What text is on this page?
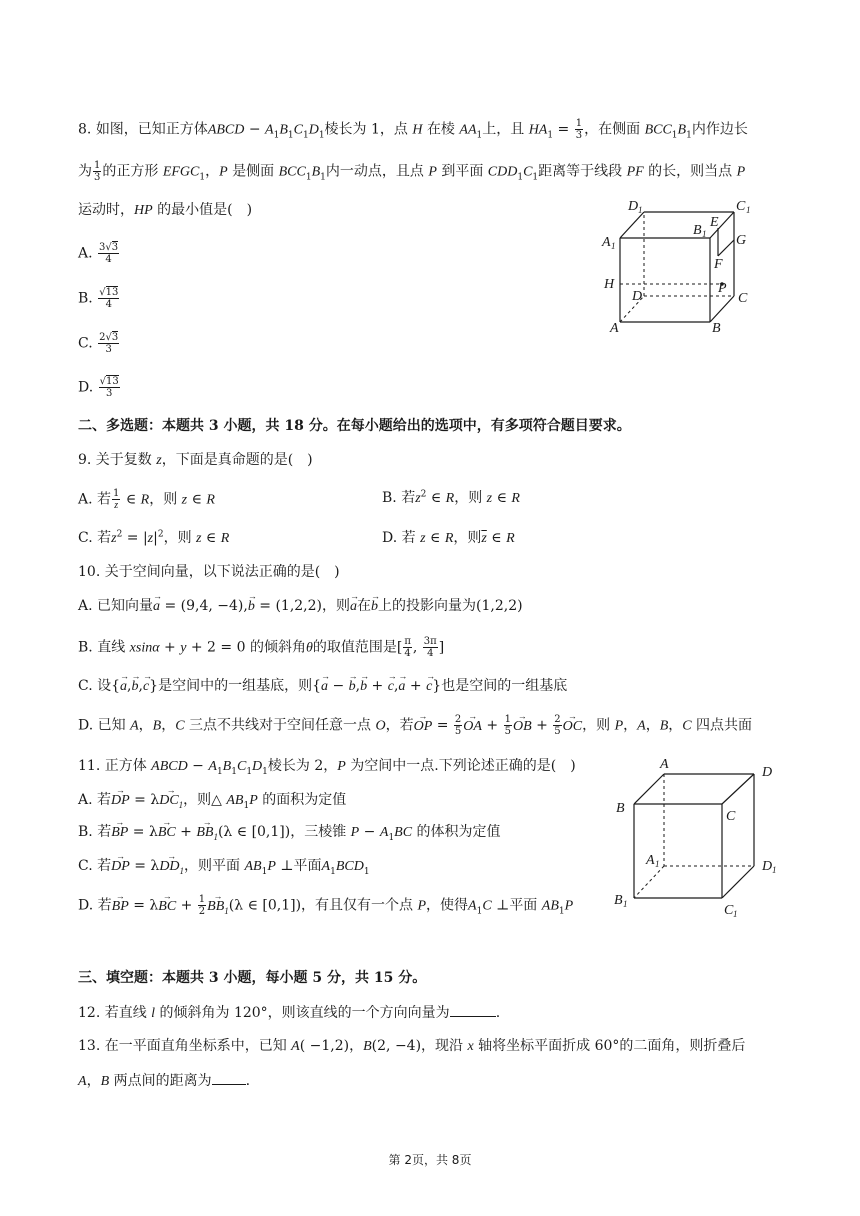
8. 如图，已知正方体ABCD − $A_1B_1C_1D_1$棱长为 1，点 H 在棱 $AA_1$上，且 $HA_1 = \frac{1}{3}$ ，在侧面 $BCC_1B_1$内作边长
为 $\frac{1}{3}$ 的正方形 $EFGC_1$，P 是侧面 $BCC_1B_1$内一动点，且点 P 到平面 $CDD_1C_1$距离等于线段 PF 的长，则当点 P
运动时，HP 的最小值是(　)
A. $\frac{3√3}{4}$
B. $\frac{√13}{4}$
C. $\frac{2√3}{3}$
D. $\frac{√13}{3}$
D 1	C 1
A 1
B 1
E
G
F
H
D
P
C
A	B
二、多选题：本题共 3 小题，共 18 分。在每小题给出的选项中，有多项符合题目要求。
9. 关于复数 z，下面是真命题的是(　)
A. 若 $\frac{1}{z}$ ∈ R，则 z ∈ R	B. 若$z^2$ ∈ R，则 z ∈ R
C. 若$z^2 = |z|^2$，则 z ∈ R	D. 若 z ∈ R，则$\overline{z}$ ∈ R
10. 关于空间向量，以下说法正确的是(　)
A. 已知向量→ a = (9,4, −4),→ b = (1,2,2)，则→ a在→ b上的投影向量为(1,2,2)
B. 直线 xsinα + y + 2 = 0 的倾斜角θ的取值范围是[ $\frac{\pi}{4}$ , $\frac{3\pi}{4}$ ]
C. 设{→ a,→ b,→ c}是空间中的一组基底，则{→ a − → b,→ b + → c,→ a + → c}也是空间的一组基底
D. 已知 A，B，C 三点不共线对于空间任意一点 O，若→ OP = $\frac{2}{5}$ → OA + $\frac{1}{5}$ → OB + $\frac{2}{5}$ → OC，则 P，A，B，C 四点共面
11. 正方体 ABCD − $A_1B_1C_1D_1$棱长为 2，P 为空间中一点.下列论述正确的是(　)
A. 若→ DP = $\lambda\to DC_1$，则△ $AB_1P$ 的面积为定值
B. 若→ BP = λ→ BC + → $BB_1(\lambda$ ∈ [0,1])，三棱锥 $P - A_1BC$ 的体积为定值
C. 若→ DP = $\lambda\to DD_1$，则平面 $AB_1P$ ⊥平面$A_1BCD_1$
D. 若→ BP = λ→ BC + $\frac{1}{2} \to BB_1(\lambda$ ∈ [0,1])，有且仅有一个点 P，使得$A_1C$ ⊥平面 $AB_1P$
A
D
B
C
A 1	D 1
B 1	C 1
三、填空题：本题共 3 小题，每小题 5 分，共 15 分。
12. 若直线 l 的倾斜角为 120°，则该直线的一个方向向量为	.
13. 在一平面直角坐标系中，已知 A( −1,2)，B(2, −4)，现沿 x 轴将坐标平面折成 60°的二面角，则折叠后
A，B 两点间的距离为 .
第 2页，共 8页
